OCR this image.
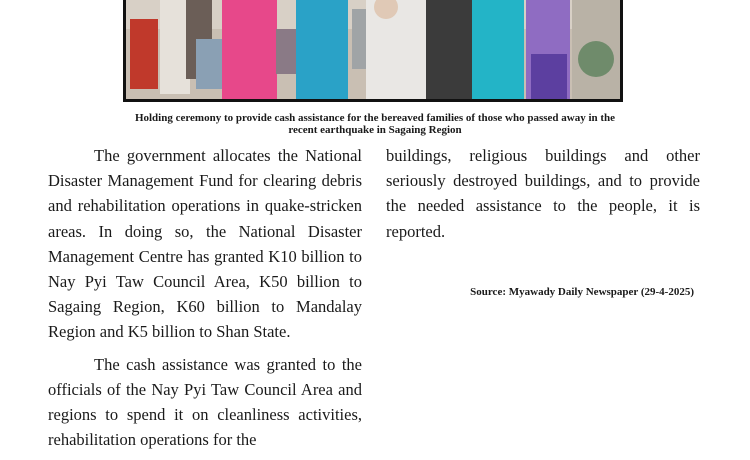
Holding ceremony to provide cash assistance for the bereaved families of those who passed away in the
recent earthquake in Sagaing Region

The government allocates the National Disaster Management Fund for clearing debris and rehabilitation operations in quake-stricken areas. In doing so, the National Disaster Management Centre has granted K10 billion to Nay Pyi Taw Council Area, K50 billion to Sagaing Region, K60 billion to Mandalay Region and K5 billion to Shan State.

The cash assistance was granted to the officials of the Nay Pyi Taw Council Area and regions to spend it on cleanliness activities, rehabilitation operations for the

buildings, religious buildings and other seriously destroyed buildings, and to provide the needed assistance to the people, it is reported.

Source: Myawady Daily Newspaper (29-4-2025)
